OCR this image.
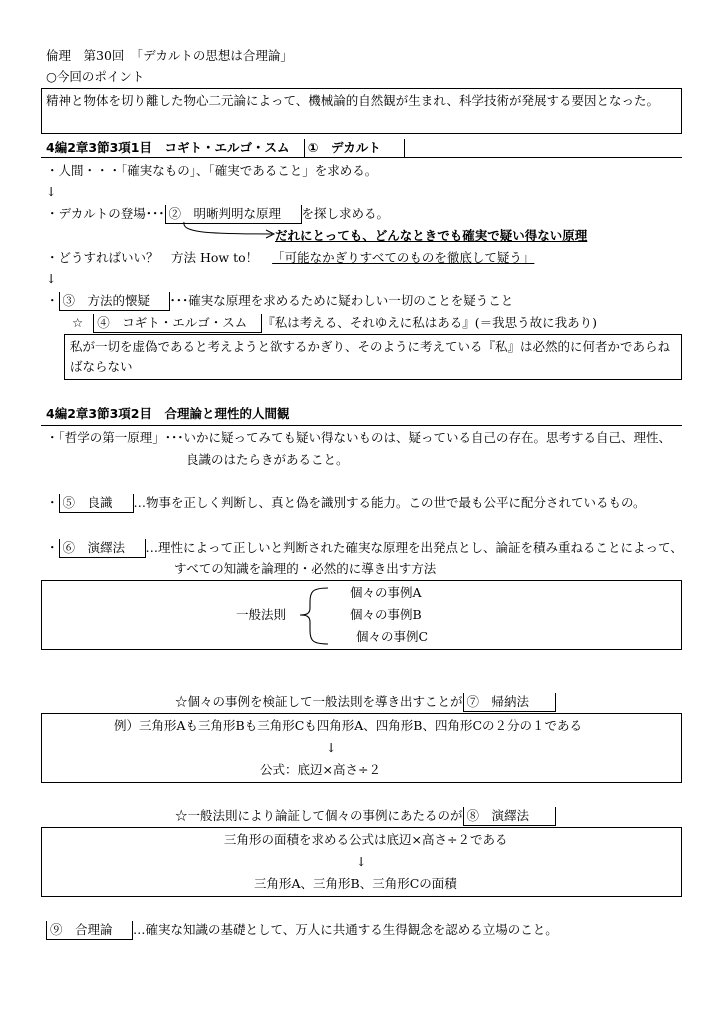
倫理　第30回　「デカルトの思想は合理論」
○今回のポイント
精神と物体を切り離した物心二元論によって、機械論的自然観が生まれ、科学技術が発展する要因となった。
4編2章3節3項1目　コギト・エルゴ・スム ①　デカルト
・人間・・・「確実なもの」、「確実であること」を求める。
↓
・デカルトの登場･･･ ②　明晰判明な原理 を探し求める。
だれにとっても、どんなときでも確実で疑い得ない原理
・どうすればいい？　方法 How to！ 「可能なかぎりすべてのものを徹底して疑う」
↓
・ ③　方法的懐疑 ･･･確実な原理を求めるために疑わしい一切のことを疑うこと
☆ ④　コギト・エルゴ・スム 『私は考える、それゆえに私はある』(＝我思う故に我あり)
私が一切を虚偽であると考えようと欲するかぎり、そのように考えている『私』は必然的に何者かであらね
ばならない
4編2章3節3項2目　合理論と理性的人間観
・「哲学の第一原理」･･･いかに疑ってみても疑い得ないものは、疑っている自己の存在。思考する自己、理性、
良識のはたらきがあること。
・ ⑤　良識 …物事を正しく判断し、真と偽を識別する能力。この世で最も公平に配分されているもの。
・ ⑥　演繹法 …理性によって正しいと判断された確実な原理を出発点とし、論証を積み重ねることによって、
すべての知識を論理的・必然的に導き出す方法
一般法則
個々の事例A
個々の事例B
個々の事例C
☆個々の事例を検証して一般法則を導き出すことが ⑦　帰納法
例）三角形Aも三角形Bも三角形Cも四角形A、四角形B、四角形Cの２分の１である
↓
公式：底辺×高さ÷２
☆一般法則により論証して個々の事例にあたるのが ⑧　演繹法
三角形の面積を求める公式は底辺×高さ÷２である
↓
三角形A、三角形B、三角形Cの面積
⑨　合理論 …確実な知識の基礎として、万人に共通する生得観念を認める立場のこと。
